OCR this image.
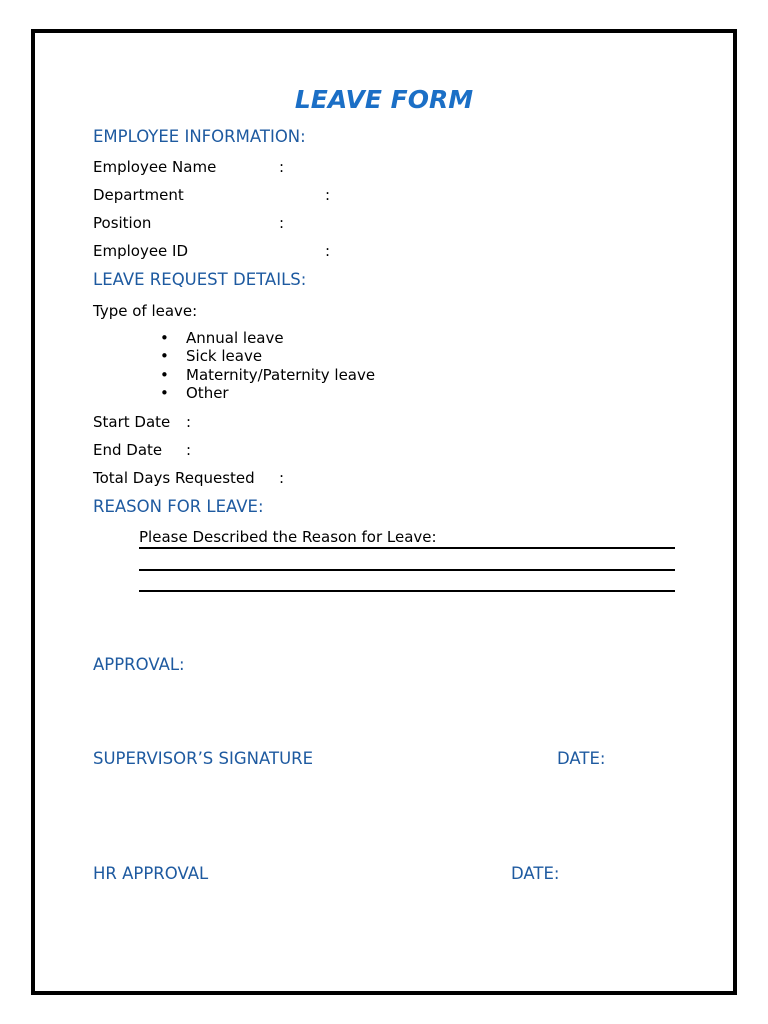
LEAVE FORM
EMPLOYEE INFORMATION:
Employee Name	:
Department	:
Position	:
Employee ID	:
LEAVE REQUEST DETAILS:
Type of leave:
• Annual leave
• Sick leave
• Maternity/Paternity leave
• Other
Start Date :
End Date :
Total Days Requested :
REASON FOR LEAVE:
Please Described the Reason for Leave:
APPROVAL:
SUPERVISOR’S SIGNATURE	DATE:
HR APPROVAL	DATE:
